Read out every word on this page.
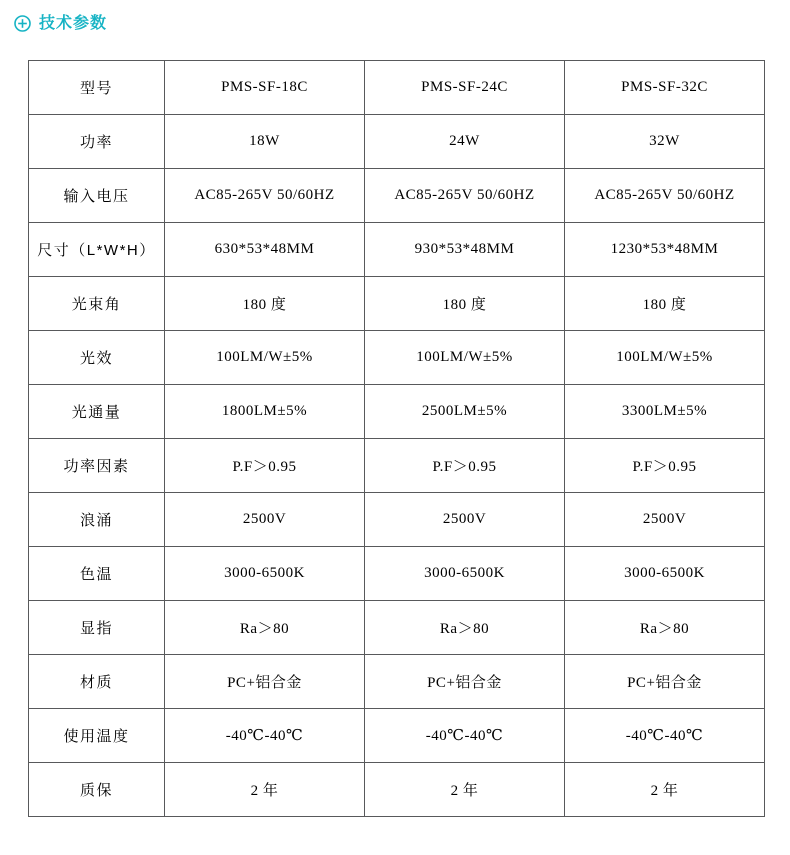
技术参数
型号	PMS-SF-18C	PMS-SF-24C	PMS-SF-32C
功率	18W	24W	32W
输入电压	AC85-265V 50/60HZ	AC85-265V 50/60HZ	AC85-265V 50/60HZ
尺寸（L*W*H）	630*53*48MM	930*53*48MM	1230*53*48MM
光束角	180 度	180 度	180 度
光效	100LM/W±5%	100LM/W±5%	100LM/W±5%
光通量	1800LM±5%	2500LM±5%	3300LM±5%
功率因素	P.F＞0.95	P.F＞0.95	P.F＞0.95
浪涌	2500V	2500V	2500V
色温	3000-6500K	3000-6500K	3000-6500K
显指	Ra＞80	Ra＞80	Ra＞80
材质	PC+铝合金	PC+铝合金	PC+铝合金
使用温度	-40℃-40℃	-40℃-40℃	-40℃-40℃
质保	2 年	2 年	2 年
